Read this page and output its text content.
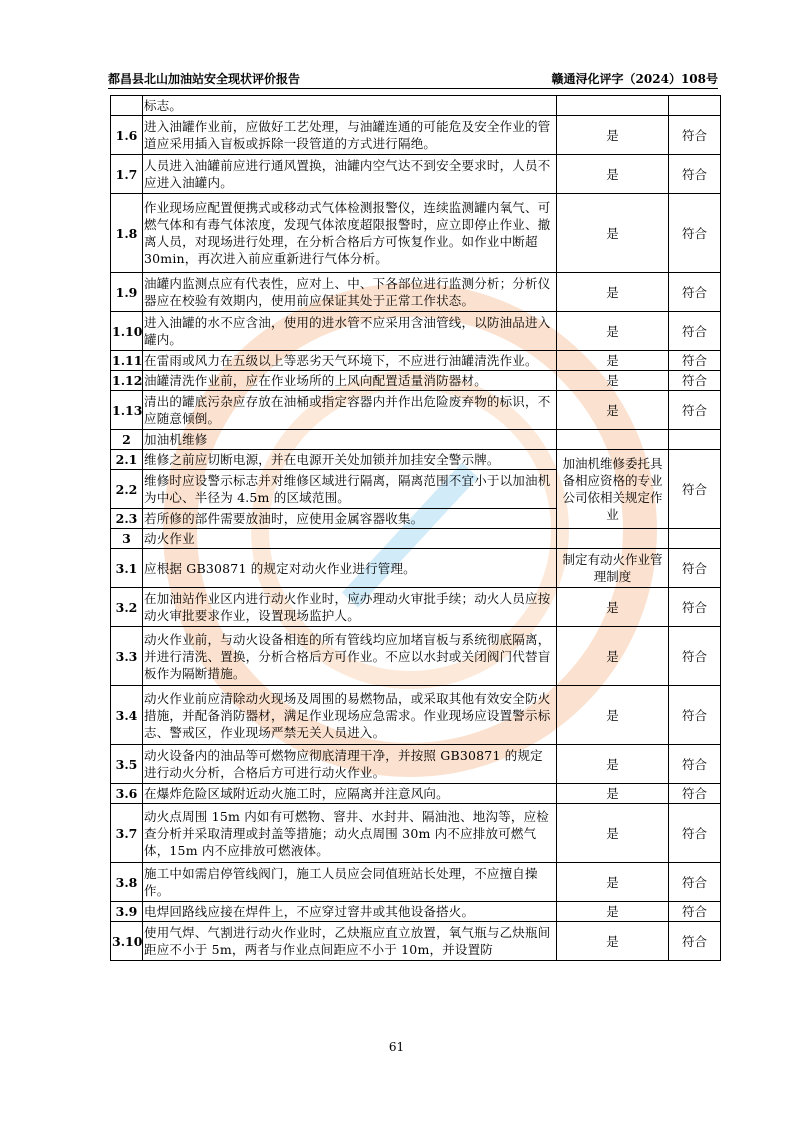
都昌县北山加油站安全现状评价报告	赣通浔化评字（2024）108号
	标志。		
1.6	进入油罐作业前，应做好工艺处理，与油罐连通的可能危及安全作业的管道应采用插入盲板或拆除一段管道的方式进行隔绝。	是	符合
1.7	人员进入油罐前应进行通风置换，油罐内空气达不到安全要求时，人员不应进入油罐内。	是	符合
1.8	作业现场应配置便携式或移动式气体检测报警仪，连续监测罐内氧气、可燃气体和有毒气体浓度，发现气体浓度超限报警时，应立即停止作业、撤离人员，对现场进行处理，在分析合格后方可恢复作业。如作业中断超 30min，再次进入前应重新进行气体分析。	是	符合
1.9	油罐内监测点应有代表性，应对上、中、下各部位进行监测分析；分析仪器应在校验有效期内，使用前应保证其处于正常工作状态。	是	符合
1.10	进入油罐的水不应含油，使用的进水管不应采用含油管线，以防油品进入罐内。	是	符合
1.11	在雷雨或风力在五级以上等恶劣天气环境下，不应进行油罐清洗作业。	是	符合
1.12	油罐清洗作业前，应在作业场所的上风向配置适量消防器材。	是	符合
1.13	清出的罐底污杂应存放在油桶或指定容器内并作出危险废弃物的标识，不应随意倾倒。	是	符合
2	加油机维修		
2.1	维修之前应切断电源，并在电源开关处加锁并加挂安全警示牌。	加油机维修委托具备相应资格的专业公司依相关规定作业	符合
2.2	维修时应设警示标志并对维修区域进行隔离，隔离范围不宜小于以加油机为中心、半径为 4.5m 的区域范围。		
2.3	若所修的部件需要放油时，应使用金属容器收集。		
3	动火作业		
3.1	应根据 GB30871 的规定对动火作业进行管理。	制定有动火作业管理制度	符合
3.2	在加油站作业区内进行动火作业时，应办理动火审批手续；动火人员应按动火审批要求作业，设置现场监护人。	是	符合
3.3	动火作业前，与动火设备相连的所有管线均应加堵盲板与系统彻底隔离，并进行清洗、置换，分析合格后方可作业。不应以水封或关闭阀门代替盲板作为隔断措施。	是	符合
3.4	动火作业前应清除动火现场及周围的易燃物品，或采取其他有效安全防火措施，并配备消防器材，满足作业现场应急需求。作业现场应设置警示标志、警戒区，作业现场严禁无关人员进入。	是	符合
3.5	动火设备内的油品等可燃物应彻底清理干净，并按照 GB30871 的规定进行动火分析，合格后方可进行动火作业。	是	符合
3.6	在爆炸危险区域附近动火施工时，应隔离并注意风向。	是	符合
3.7	动火点周围 15m 内如有可燃物、窨井、水封井、隔油池、地沟等，应检查分析并采取清理或封盖等措施；动火点周围 30m 内不应排放可燃气体，15m 内不应排放可燃液体。	是	符合
3.8	施工中如需启停管线阀门，施工人员应会同值班站长处理，不应擅自操作。	是	符合
3.9	电焊回路线应接在焊件上，不应穿过窨井或其他设备搭火。	是	符合
3.10	使用气焊、气割进行动火作业时，乙炔瓶应直立放置，氧气瓶与乙炔瓶间距应不小于 5m，两者与作业点间距应不小于 10m，并设置防	是	符合
61
